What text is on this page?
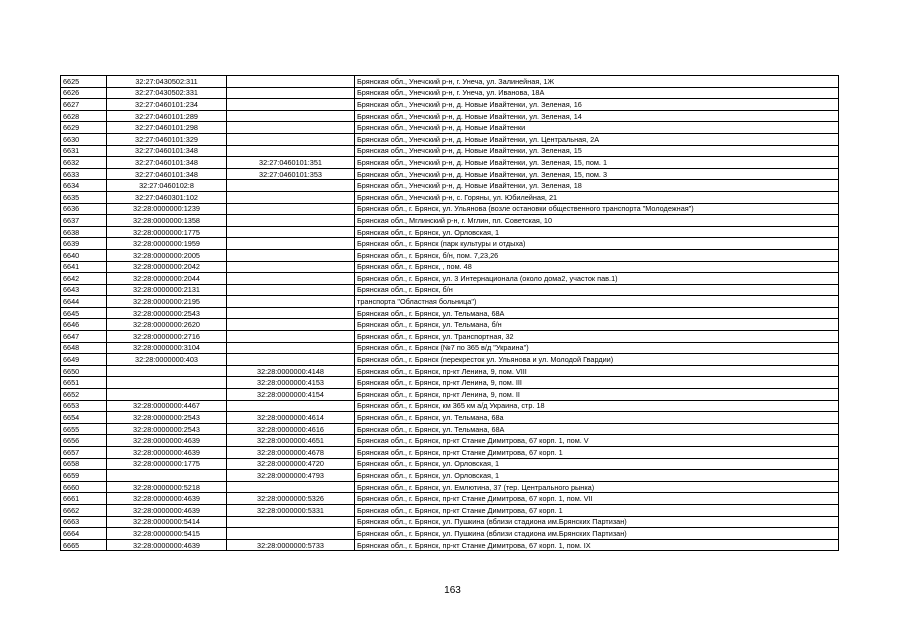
6625	32:27:0430502:311		Брянская обл., Унечский р-н, г. Унеча, ул. Залинейная, 1Ж
6626	32:27:0430502:331		Брянская обл., Унечский р-н, г. Унеча, ул. Иванова, 18А
6627	32:27:0460101:234		Брянская обл., Унечский р-н, д. Новые Ивайтенки, ул. Зеленая, 16
6628	32:27:0460101:289		Брянская обл., Унечский р-н, д. Новые Ивайтенки, ул. Зеленая, 14
6629	32:27:0460101:298		Брянская обл., Унечский р-н, д. Новые Ивайтенки
6630	32:27:0460101:329		Брянская обл., Унечский р-н, д. Новые Ивайтенки, ул. Центральная, 2А
6631	32:27:0460101:348		Брянская обл., Унечский р-н, д. Новые Ивайтенки, ул. Зеленая, 15
6632	32:27:0460101:348	32:27:0460101:351	Брянская обл., Унечский р-н, д. Новые Ивайтенки, ул. Зеленая, 15, пом. 1
6633	32:27:0460101:348	32:27:0460101:353	Брянская обл., Унечский р-н, д. Новые Ивайтенки, ул. Зеленая, 15, пом. 3
6634	32:27:0460102:8		Брянская обл., Унечский р-н, д. Новые Ивайтенки, ул. Зеленая, 18
6635	32:27:0460301:102		Брянская обл., Унечский р-н, с. Горяны, ул. Юбилейная, 21
6636	32:28:0000000:1239		Брянская обл., г. Брянск, ул. Ульянова (возле остановки общественного транспорта "Молодежная")
6637	32:28:0000000:1358		Брянская обл., Мглинский р-н, г. Мглин, пл. Советская, 10
6638	32:28:0000000:1775		Брянская обл., г. Брянск, ул. Орловская, 1
6639	32:28:0000000:1959		Брянская обл., г. Брянск (парк культуры и отдыха)
6640	32:28:0000000:2005		Брянская обл., г. Брянск, б/н, пом. 7,23,26
6641	32:28:0000000:2042		Брянская обл., г. Брянск, , пом. 48
6642	32:28:0000000:2044		Брянская обл., г. Брянск, ул. 3 Интернационала (около дома2, участок пав.1)
6643	32:28:0000000:2131		Брянская обл., г. Брянск, б/н
6644	32:28:0000000:2195		транспорта "Областная больница")
6645	32:28:0000000:2543		Брянская обл., г. Брянск, ул. Тельмана, 68А
6646	32:28:0000000:2620		Брянская обл., г. Брянск, ул. Тельмана, б/н
6647	32:28:0000000:2716		Брянская обл., г. Брянск, ул. Транспортная, 32
6648	32:28:0000000:3104		Брянская обл., г. Брянск (№7 по 365 в/д "Украина")
6649	32:28:0000000:403		Брянская обл., г. Брянск (перекресток ул. Ульянова и ул. Молодой Гвардии)
6650		32:28:0000000:4148	Брянская обл., г. Брянск, пр-кт Ленина, 9, пом. VIII
6651		32:28:0000000:4153	Брянская обл., г. Брянск, пр-кт Ленина, 9, пом. III
6652		32:28:0000000:4154	Брянская обл., г. Брянск, пр-кт Ленина, 9, пом. II
6653	32:28:0000000:4467		Брянская обл., г. Брянск, км 365 км а/д Украина, стр. 18
6654	32:28:0000000:2543	32:28:0000000:4614	Брянская обл., г. Брянск, ул. Тельмана, 68а
6655	32:28:0000000:2543	32:28:0000000:4616	Брянская обл., г. Брянск, ул. Тельмана, 68А
6656	32:28:0000000:4639	32:28:0000000:4651	Брянская обл., г. Брянск, пр-кт Станке Димитрова, 67 корп. 1, пом. V
6657	32:28:0000000:4639	32:28:0000000:4678	Брянская обл., г. Брянск, пр-кт Станке Димитрова, 67 корп. 1
6658	32:28:0000000:1775	32:28:0000000:4720	Брянская обл., г. Брянск, ул. Орловская, 1
6659		32:28:0000000:4793	Брянская обл., г. Брянск, ул. Орловская, 1
6660	32:28:0000000:5218		Брянская обл., г. Брянск, ул. Емлютина, 37 (тер. Центрального рынка)
6661	32:28:0000000:4639	32:28:0000000:5326	Брянская обл., г. Брянск, пр-кт Станке Димитрова, 67 корп. 1, пом. VII
6662	32:28:0000000:4639	32:28:0000000:5331	Брянская обл., г. Брянск, пр-кт Станке Димитрова, 67 корп. 1
6663	32:28:0000000:5414		Брянская обл., г. Брянск, ул. Пушкина (вблизи стадиона им.Брянских Партизан)
6664	32:28:0000000:5415		Брянская обл., г. Брянск, ул. Пушкина (вблизи стадиона им.Брянских Партизан)
6665	32:28:0000000:4639	32:28:0000000:5733	Брянская обл., г. Брянск, пр-кт Станке Димитрова, 67 корп. 1, пом. IX
163
